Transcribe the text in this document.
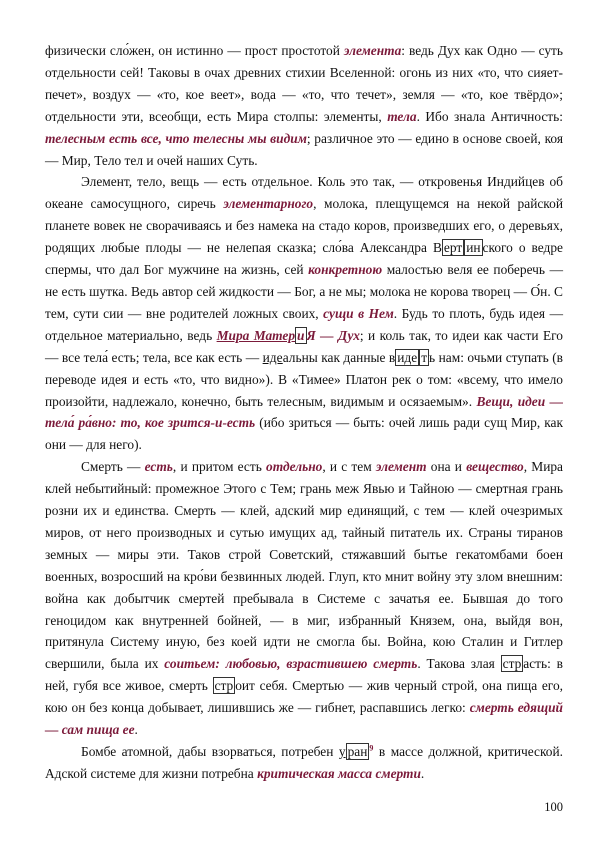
физически сло́жен, он истинно — прост простотой элемента: ведь Дух как Одно — суть отдельности сей! Таковы в очах древних стихии Вселенной: огонь из них «то, что сияет-печет», воздух — «то, кое веет», вода — «то, что течет», земля — «то, кое твёрдо»; отдельности эти, всеобщи, есть Мира столпы: элементы, тела. Ибо знала Античность: телесным есть все, что телесны мы видим; различное это — едино в основе своей, коя — Мир, Тело тел и очей наших Суть.

Элемент, тело, вещь — есть отдельное. Коль это так, — откровенья Индийцев об океане самосущного, сиречь элементарного, молока, плещущемся на некой райской планете вовек не сворачиваясь и без намека на стадо коров, произведших его, о деревьях, родящих любые плоды — не нелепая сказка; сло́ва Александра В ерт ин ского о ведре спермы, что дал Бог мужчине на жизнь, сей конкретною малостью веля ее поберечь — не есть шутка. Ведь автор сей жидкости — Бог, а не мы; молока не корова творец — О́н. С тем, сути сии — вне родителей ложных своих, сущи в Нем. Будь то плоть, будь идея — отдельное материально, ведь Мира Матер и Я — Дух; и коль так, то идеи как части Его — все тела́ есть; тела, все как есть — идеальны как данные в иде т ь нам: очьми ступать (в переводе идея и есть «то, что видно»). В «Тимее» Платон рек о том: «всему, что имело произойти, надлежало, конечно, быть телесным, видимым и осязаемым». Вещи, идеи — тела́ ра́вно: то, кое зрится-и-есть (ибо зриться — быть: очей лишь ради сущ Мир, как они — для него).

Смерть — есть, и притом есть отдельно, и с тем элемент она и вещество, Мира клей небытийный: промежное Этого с Тем; грань меж Явью и Тайною — смертная грань розни их и единства. Смерть — клей, адский мир единящий, с тем — клей очезримых миров, от него производных и сутью имущих ад, тайный питатель их. Страны тиранов земных — миры эти. Таков строй Советский, стяжавший бытье гекатомбами боен военных, возросший на кро́ви безвинных людей. Глуп, кто мнит войну эту злом внешним: война как добытчик смертей пребывала в Системе с зачатья ее. Бывшая до того геноцидом как внутренней бойней, — в миг, избранный Князем, она, выйдя вон, притянула Систему иную, без коей идти не смогла бы. Война, кою Сталин и Гитлер свершили, была их соитьем: любовью, взрастившею смерть. Такова злая стр асть: в ней, губя все живое, смерть стр оит себя. Смертью — жив черный строй, она пища его, кою он без конца добывает, лишившись же — гибнет, распавшись легко: смерть едящий — сам пища ее.

Бомбе атомной, дабы взорваться, потребен у ран $^9$ в массе должной, критической. Адской системе для жизни потребна критическая масса смерти.

100
